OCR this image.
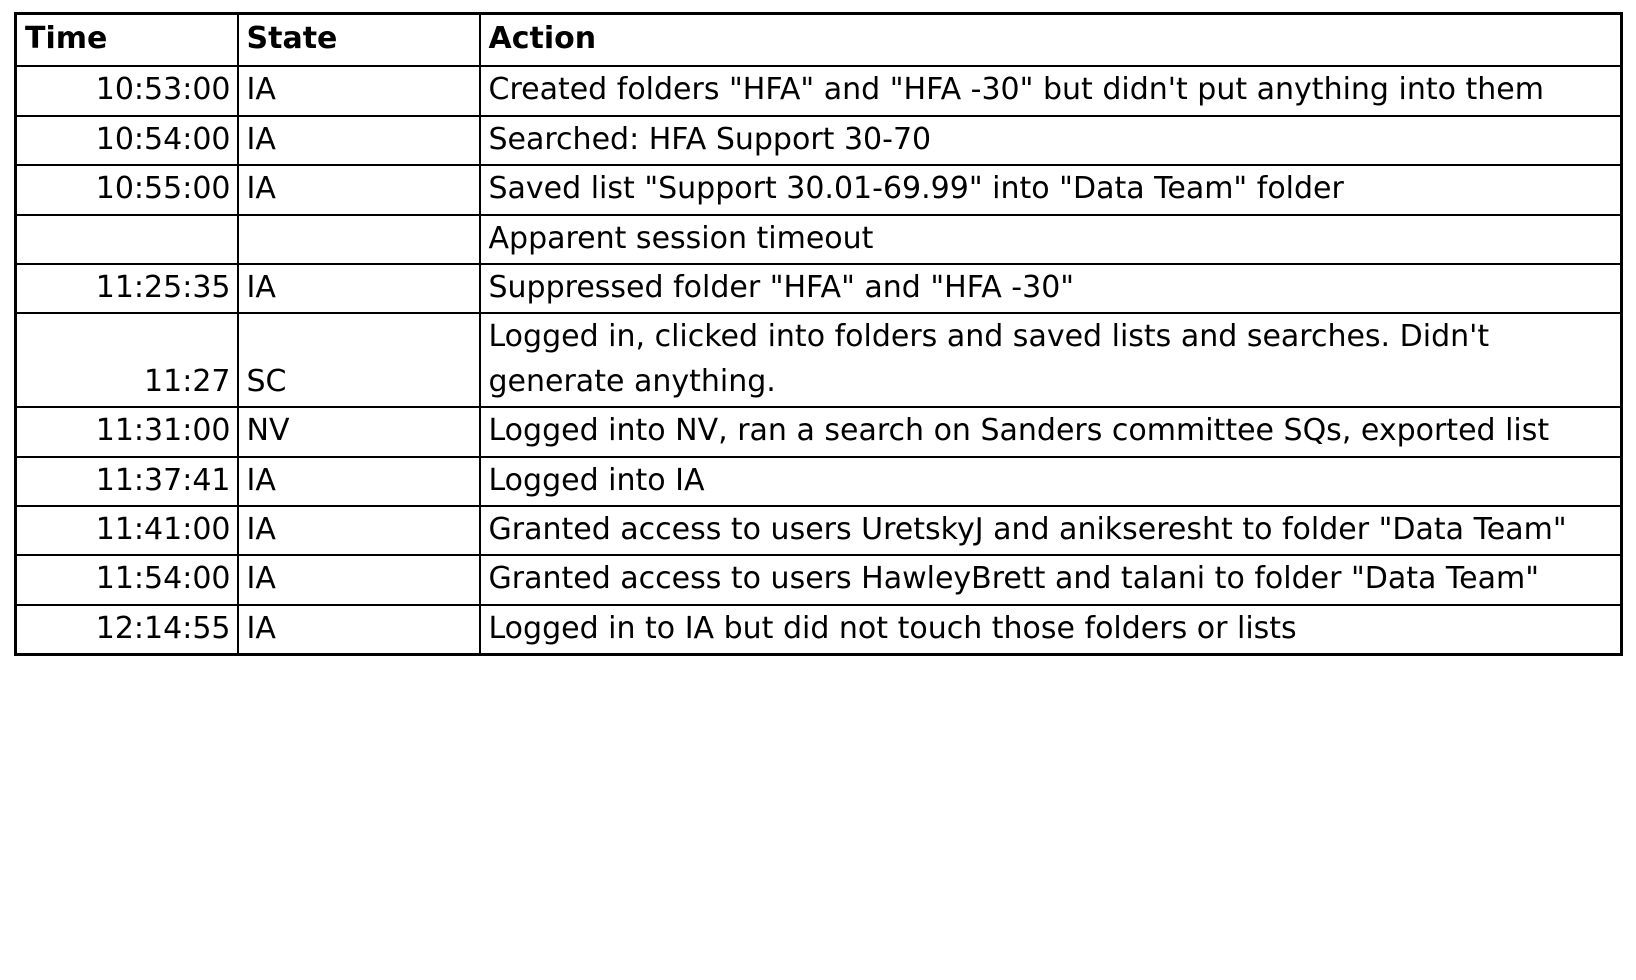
Time	State	Action
10:53:00	IA	Created folders "HFA" and "HFA -30" but didn't put anything into them
10:54:00	IA	Searched: HFA Support 30-70
10:55:00	IA	Saved list "Support 30.01-69.99" into "Data Team" folder
		Apparent session timeout
11:25:35	IA	Suppressed folder "HFA" and "HFA -30"
11:27	SC	Logged in, clicked into folders and saved lists and searches. Didn't generate anything.
11:31:00	NV	Logged into NV, ran a search on Sanders committee SQs, exported list
11:37:41	IA	Logged into IA
11:41:00	IA	Granted access to users UretskyJ and anikseresht to folder "Data Team"
11:54:00	IA	Granted access to users HawleyBrett and talani to folder "Data Team"
12:14:55	IA	Logged in to IA but did not touch those folders or lists
